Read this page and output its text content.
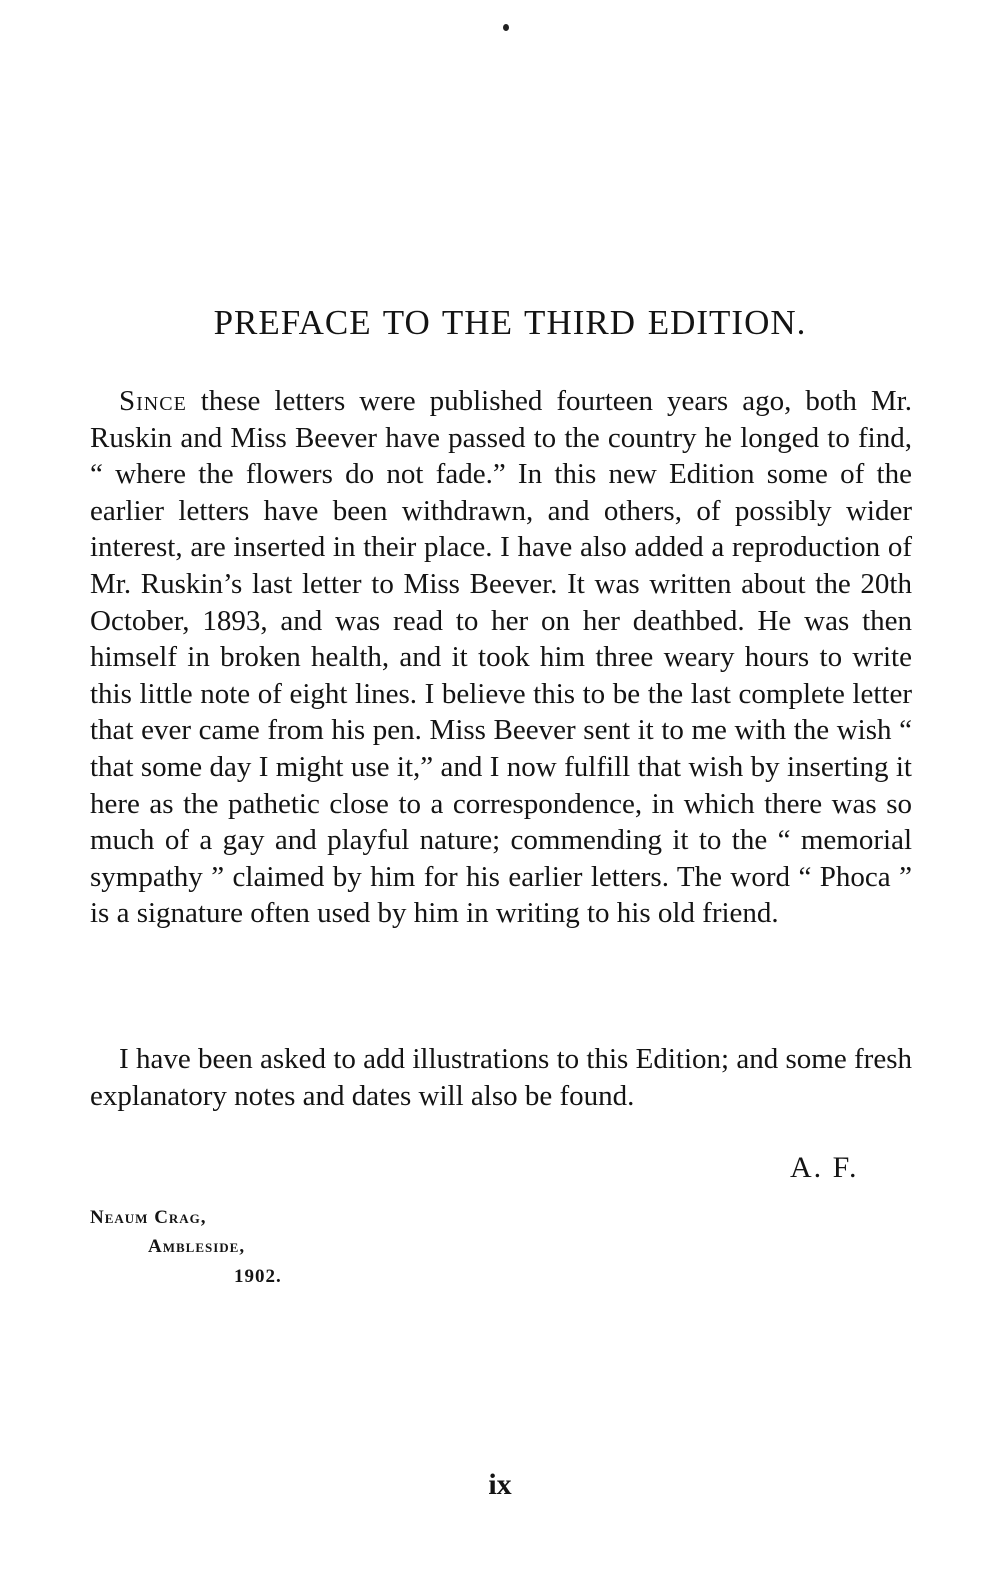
PREFACE TO THE THIRD EDITION.

Since these letters were published fourteen years ago, both Mr. Ruskin and Miss Beever have passed to the country he longed to find, “ where the flowers do not fade.” In this new Edition some of the earlier letters have been withdrawn, and others, of possibly wider interest, are inserted in their place. I have also added a reproduction of Mr. Ruskin’s last letter to Miss Beever. It was written about the 20th October, 1893, and was read to her on her deathbed. He was then himself in broken health, and it took him three weary hours to write this little note of eight lines. I believe this to be the last complete letter that ever came from his pen. Miss Beever sent it to me with the wish “ that some day I might use it,” and I now fulfill that wish by inserting it here as the pathetic close to a correspondence, in which there was so much of a gay and playful nature; commending it to the “ memorial sympathy ” claimed by him for his earlier letters. The word “ Phoca ” is a signature often used by him in writing to his old friend.

I have been asked to add illustrations to this Edition; and some fresh explanatory notes and dates will also be found.

A. F.
Neaum Crag,
Ambleside,
1902.
ix
